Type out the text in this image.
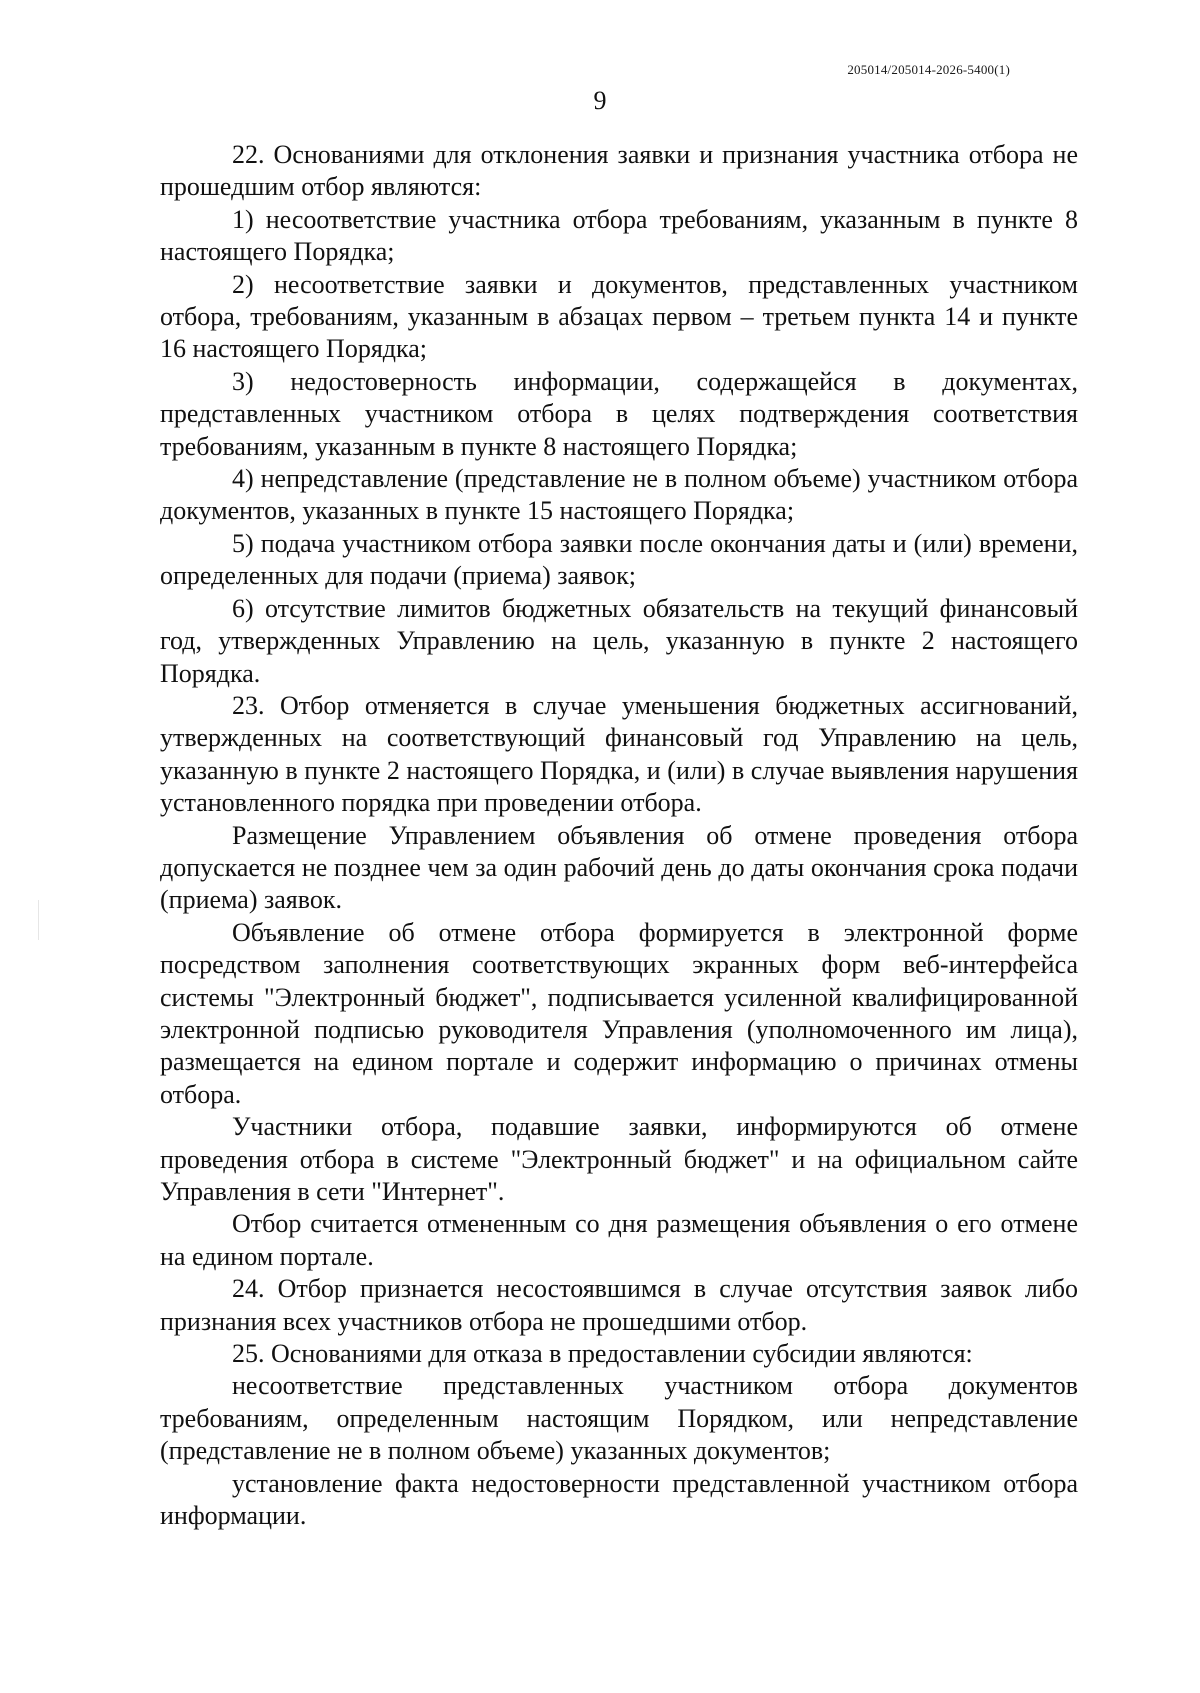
205014/205014-2026-5400(1)
9

22. Основаниями для отклонения заявки и признания участника отбора не прошедшим отбор являются:

1) несоответствие участника отбора требованиям, указанным в пункте 8 настоящего Порядка;

2) несоответствие заявки и документов, представленных участником отбора, требованиям, указанным в абзацах первом – третьем пункта 14 и пункте 16 настоящего Порядка;

3) недостоверность информации, содержащейся в документах, представленных участником отбора в целях подтверждения соответствия требованиям, указанным в пункте 8 настоящего Порядка;

4) непредставление (представление не в полном объеме) участником отбора документов, указанных в пункте 15 настоящего Порядка;

5) подача участником отбора заявки после окончания даты и (или) времени, определенных для подачи (приема) заявок;

6) отсутствие лимитов бюджетных обязательств на текущий финансовый год, утвержденных Управлению на цель, указанную в пункте 2 настоящего Порядка.

23. Отбор отменяется в случае уменьшения бюджетных ассигнований, утвержденных на соответствующий финансовый год Управлению на цель, указанную в пункте 2 настоящего Порядка, и (или) в случае выявления нарушения установленного порядка при проведении отбора.

Размещение Управлением объявления об отмене проведения отбора допускается не позднее чем за один рабочий день до даты окончания срока подачи (приема) заявок.

Объявление об отмене отбора формируется в электронной форме посредством заполнения соответствующих экранных форм веб-интерфейса системы "Электронный бюджет", подписывается усиленной квалифицированной электронной подписью руководителя Управления (уполномоченного им лица), размещается на едином портале и содержит информацию о причинах отмены отбора.

Участники отбора, подавшие заявки, информируются об отмене проведения отбора в системе "Электронный бюджет" и на официальном сайте Управления в сети "Интернет".

Отбор считается отмененным со дня размещения объявления о его отмене на едином портале.

24. Отбор признается несостоявшимся в случае отсутствия заявок либо признания всех участников отбора не прошедшими отбор.

25. Основаниями для отказа в предоставлении субсидии являются:

несоответствие представленных участником отбора документов требованиям, определенным настоящим Порядком, или непредставление (представление не в полном объеме) указанных документов;

установление факта недостоверности представленной участником отбора информации.
